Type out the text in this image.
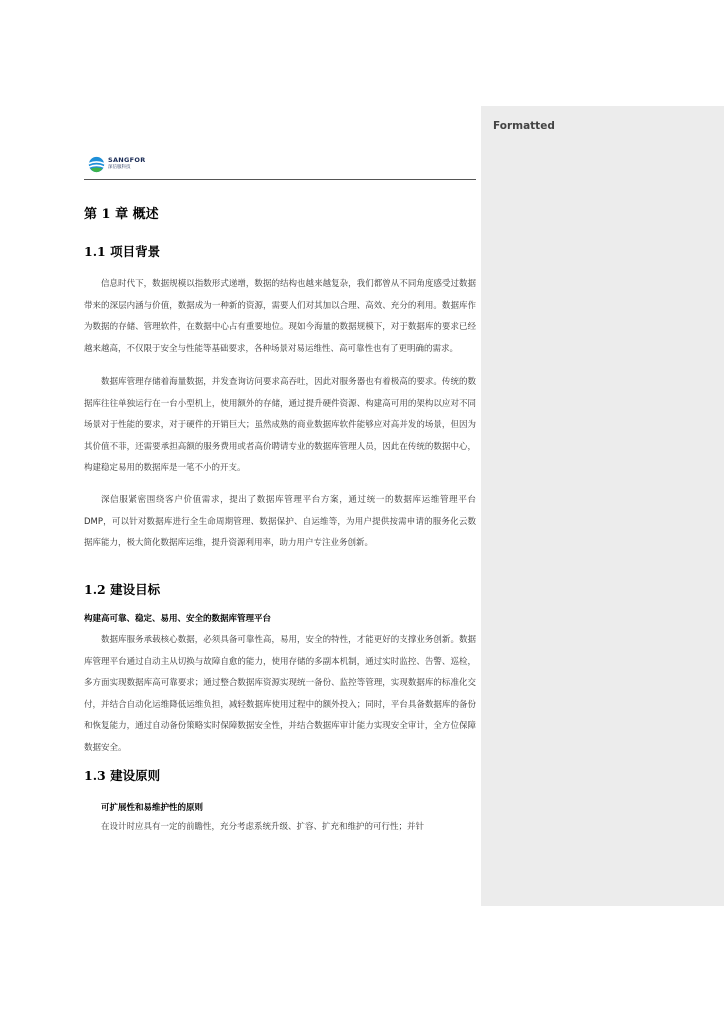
Formatted
SANGFOR
深信服科技
第 1 章 概述
1.1 项目背景
信息时代下，数据规模以指数形式递增，数据的结构也越来越复杂，我们都曾从不同角度感受过数据带来的深层内涵与价值，数据成为一种新的资源，需要人们对其加以合理、高效、充分的利用。数据库作为数据的存储、管理软件，在数据中心占有重要地位。现如今海量的数据规模下，对于数据库的要求已经越来越高，不仅限于安全与性能等基础要求，各种场景对易运维性、高可靠性也有了更明确的需求。
数据库管理存储着海量数据，并发查询访问要求高吞吐，因此对服务器也有着极高的要求。传统的数据库往往单独运行在一台小型机上，使用额外的存储，通过提升硬件资源、构建高可用的架构以应对不同场景对于性能的要求，对于硬件的开销巨大；虽然成熟的商业数据库软件能够应对高并发的场景，但因为其价值不菲，还需要承担高额的服务费用或者高价聘请专业的数据库管理人员，因此在传统的数据中心，构建稳定易用的数据库是一笔不小的开支。
深信服紧密围绕客户价值需求，提出了数据库管理平台方案，通过统一的数据库运维管理平台 DMP，可以针对数据库进行全生命周期管理、数据保护、自运维等，为用户提供按需申请的服务化云数据库能力，极大简化数据库运维，提升资源利用率，助力用户专注业务创新。
1.2 建设目标
构建高可靠、稳定、易用、安全的数据库管理平台
数据库服务承载核心数据，必须具备可靠性高，易用，安全的特性，才能更好的支撑业务创新。数据库管理平台通过自动主从切换与故障自愈的能力，使用存储的多副本机制，通过实时监控、告警、巡检，多方面实现数据库高可靠要求；通过整合数据库资源实现统一备份、监控等管理，实现数据库的标准化交付，并结合自动化运维降低运维负担，减轻数据库使用过程中的额外投入；同时，平台具备数据库的备份和恢复能力，通过自动备份策略实时保障数据安全性，并结合数据库审计能力实现安全审计，全方位保障数据安全。
1.3 建设原则
可扩展性和易维护性的原则
在设计时应具有一定的前瞻性，充分考虑系统升级、扩容、扩充和维护的可行性；并针
